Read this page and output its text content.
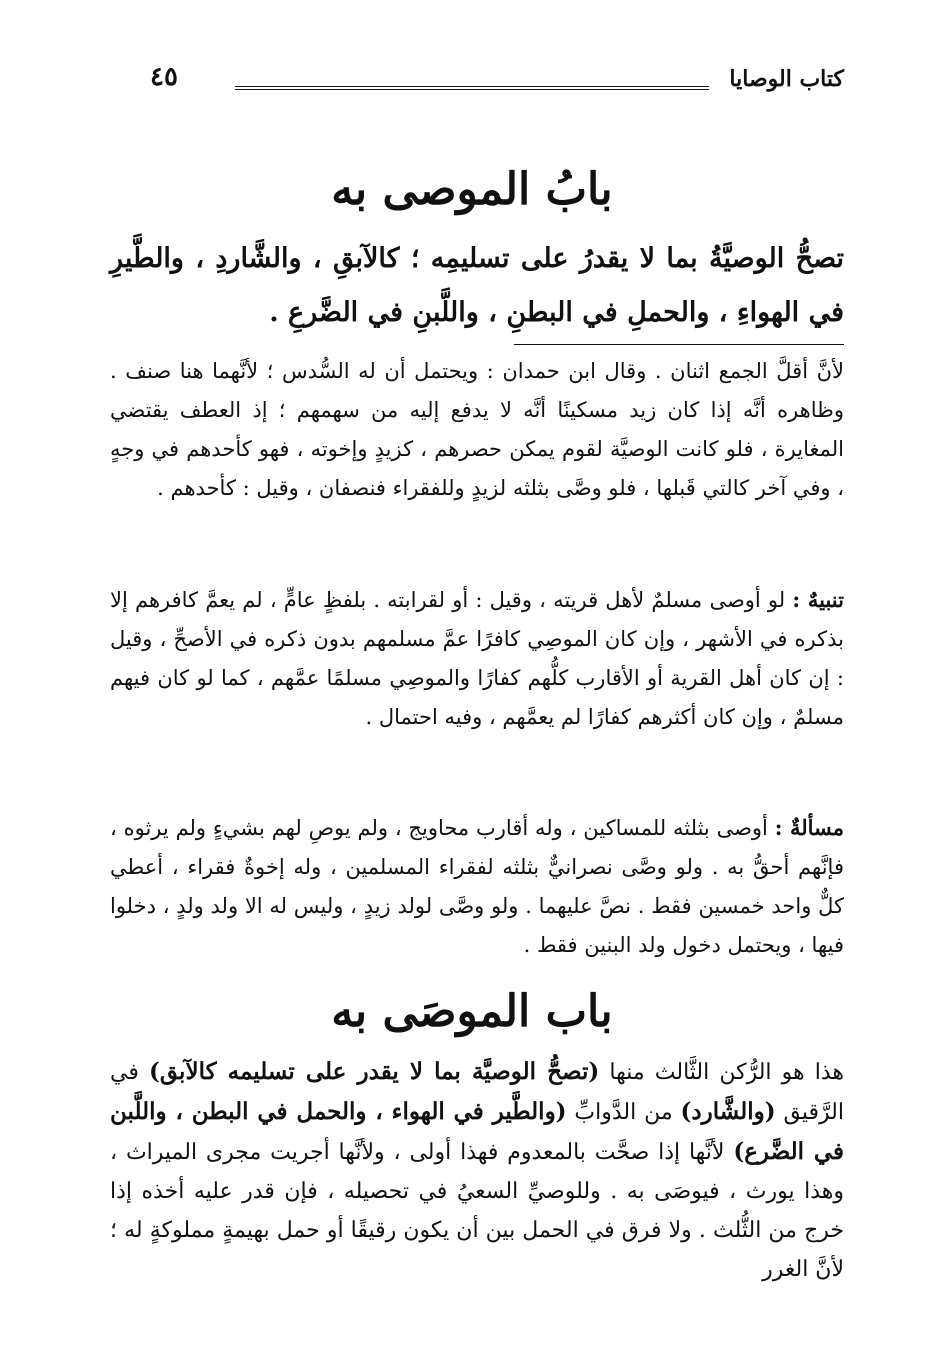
كتاب الوصايا
٤٥
بابُ الموصى به
تصحُّ الوصيَّةُ بما لا يقدرُ على تسليمِه ؛ كالآبقِ ، والشَّاردِ ، والطَّيرِ في الهواءِ ، والحملِ في البطنِ ، واللَّبنِ في الضَّرعِ .
لأنَّ أقلَّ الجمع اثنان . وقال ابن حمدان : ويحتمل أن له السُّدس ؛ لأنَّهما هنا صنف . وظاهره أنَّه إذا كان زيد مسكينًا أنَّه لا يدفع إليه من سهمهم ؛ إذ العطف يقتضي المغايرة ، فلو كانت الوصيَّة لقوم يمكن حصرهم ، كزيدٍ وإخوته ، فهو كأحدهم في وجهٍ ، وفي آخر كالتي قَبلها ، فلو وصَّى بثلثه لزيدٍ وللفقراء فنصفان ، وقيل : كأحدهم .
تنبيهٌ : لو أوصى مسلمٌ لأهل قريته ، وقيل : أو لقرابته . بلفظٍ عامٍّ ، لم يعمَّ كافرهم إلا بذكره في الأشهر ، وإن كان الموصِي كافرًا عمَّ مسلمهم بدون ذكره في الأصحِّ ، وقيل : إن كان أهل القرية أو الأقارب كلُّهم كفارًا والموصِي مسلمًا عمَّهم ، كما لو كان فيهم مسلمٌ ، وإن كان أكثرهم كفارًا لم يعمَّهم ، وفيه احتمال .
مسألةٌ : أوصى بثلثه للمساكين ، وله أقارب محاويج ، ولم يوصِ لهم بشيءٍ ولم يرثوه ، فإنَّهم أحقُّ به . ولو وصَّى نصرانيٌّ بثلثه لفقراء المسلمين ، وله إخوةٌ فقراء ، أعطي كلٌّ واحد خمسين فقط . نصَّ عليهما . ولو وصَّى لولد زيدٍ ، وليس له الا ولد ولدٍ ، دخلوا فيها ، ويحتمل دخول ولد البنين فقط .
باب الموصَى به
هذا هو الرُّكن الثَّالث منها (تصحُّ الوصيَّة بما لا يقدر على تسليمه كالآبق) في الرَّقيق (والشَّارد) من الدَّوابِّ (والطَّير في الهواء ، والحمل في البطن ، واللَّبن في الضَّرع) لأنَّها إذا صحَّت بالمعدوم فهذا أولى ، ولأنَّها أجريت مجرى الميراث ، وهذا يورث ، فيوصَى به . وللوصيِّ السعيُ في تحصيله ، فإن قدر عليه أخذه إذا خرج من الثُّلث . ولا فرق في الحمل بين أن يكون رقيقًا أو حمل بهيمةٍ مملوكةٍ له ؛ لأنَّ الغرر
